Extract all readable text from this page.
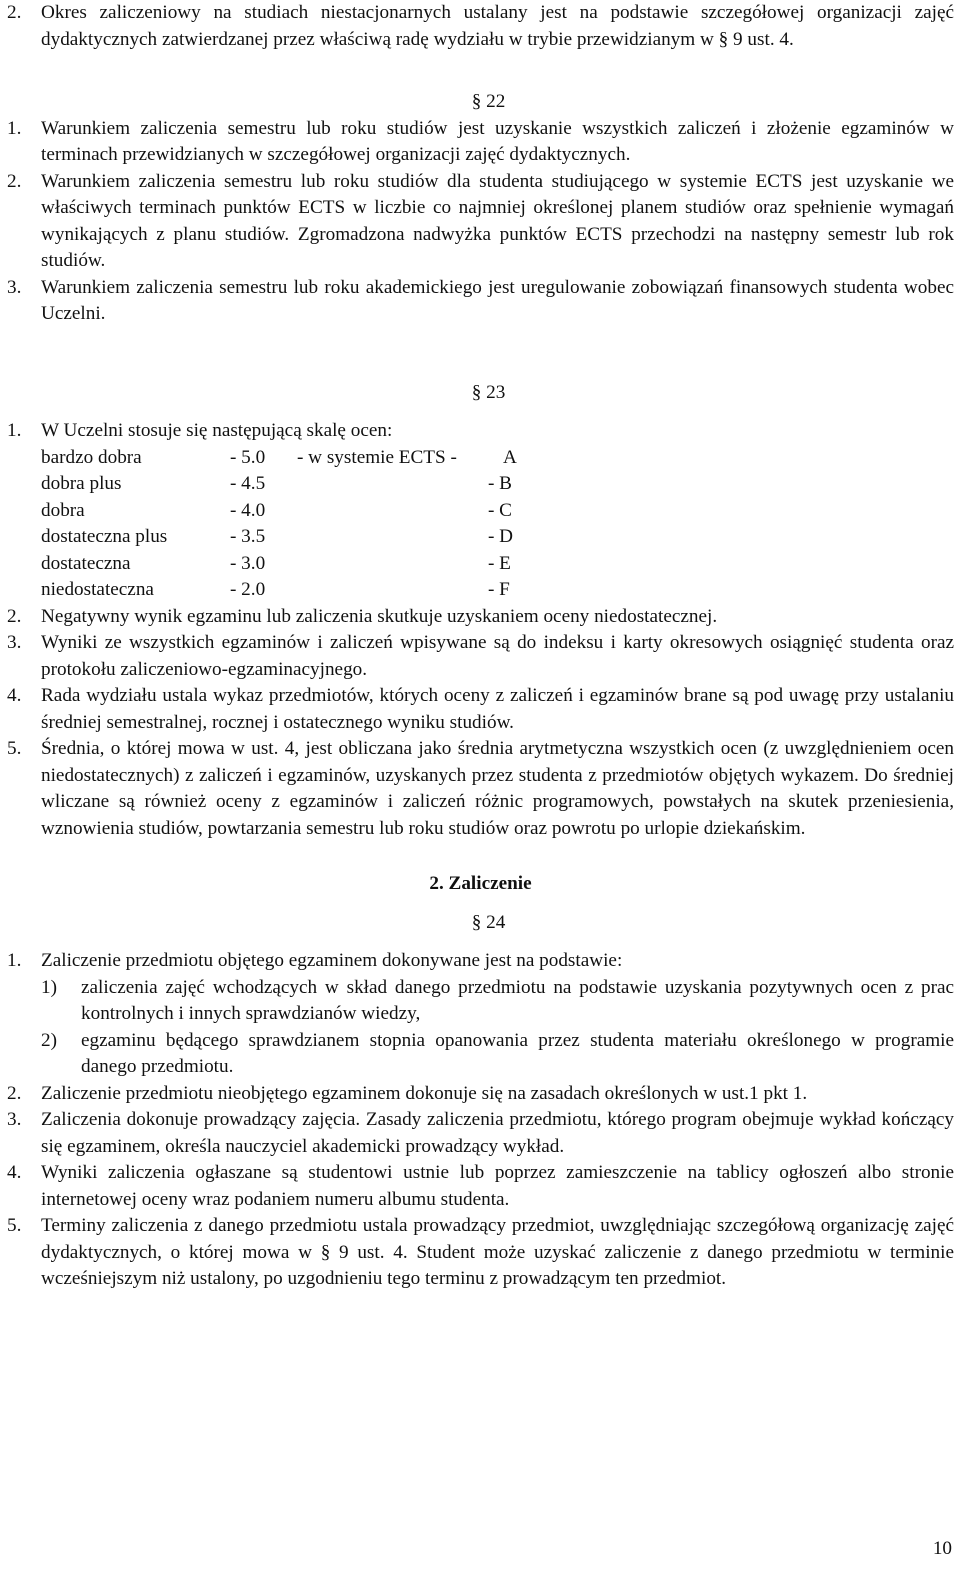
2. Okres zaliczeniowy na studiach niestacjonarnych ustalany jest na podstawie szczegółowej organizacji zajęć dydaktycznych zatwierdzanej przez właściwą radę wydziału w trybie przewidzianym w § 9 ust. 4.
§ 22
1. Warunkiem zaliczenia semestru lub roku studiów jest uzyskanie wszystkich zaliczeń i złożenie egzaminów w terminach przewidzianych w szczegółowej organizacji zajęć dydaktycznych.
2. Warunkiem zaliczenia semestru lub roku studiów dla studenta studiującego w systemie ECTS jest uzyskanie we właściwych terminach punktów ECTS w liczbie co najmniej określonej planem studiów oraz spełnienie wymagań wynikających z planu studiów. Zgromadzona nadwyżka punktów ECTS przechodzi na następny semestr lub rok studiów.
3. Warunkiem zaliczenia semestru lub roku akademickiego jest uregulowanie zobowiązań finansowych studenta wobec Uczelni.
§ 23
1. W Uczelni stosuje się następującą skalę ocen:
bardzo dobra	- 5.0 - w systemie ECTS - A
dobra plus	- 4.5	- B
dobra	- 4.0	- C
dostateczna plus	- 3.5	- D
dostateczna	- 3.0	- E
niedostateczna	- 2.0	- F
2. Negatywny wynik egzaminu lub zaliczenia skutkuje uzyskaniem oceny niedostatecznej.
3. Wyniki ze wszystkich egzaminów i zaliczeń wpisywane są do indeksu i karty okresowych osiągnięć studenta oraz protokołu zaliczeniowo-egzaminacyjnego.
4. Rada wydziału ustala wykaz przedmiotów, których oceny z zaliczeń i egzaminów brane są pod uwagę przy ustalaniu średniej semestralnej, rocznej i ostatecznego wyniku studiów.
5. Średnia, o której mowa w ust. 4, jest obliczana jako średnia arytmetyczna wszystkich ocen (z uwzględnieniem ocen niedostatecznych) z zaliczeń i egzaminów, uzyskanych przez studenta z przedmiotów objętych wykazem. Do średniej wliczane są również oceny z egzaminów i zaliczeń różnic programowych, powstałych na skutek przeniesienia, wznowienia studiów, powtarzania semestru lub roku studiów oraz powrotu po urlopie dziekańskim.
2. Zaliczenie
§ 24
1. Zaliczenie przedmiotu objętego egzaminem dokonywane jest na podstawie:
1) zaliczenia zajęć wchodzących w skład danego przedmiotu na podstawie uzyskania pozytywnych ocen z prac kontrolnych i innych sprawdzianów wiedzy,
2) egzaminu będącego sprawdzianem stopnia opanowania przez studenta materiału określonego w programie danego przedmiotu.
2. Zaliczenie przedmiotu nieobjętego egzaminem dokonuje się na zasadach określonych w ust.1 pkt 1.
3. Zaliczenia dokonuje prowadzący zajęcia. Zasady zaliczenia przedmiotu, którego program obejmuje wykład kończący się egzaminem, określa nauczyciel akademicki prowadzący wykład.
4. Wyniki zaliczenia ogłaszane są studentowi ustnie lub poprzez zamieszczenie na tablicy ogłoszeń albo stronie internetowej oceny wraz podaniem numeru albumu studenta.
5. Terminy zaliczenia z danego przedmiotu ustala prowadzący przedmiot, uwzględniając szczegółową organizację zajęć dydaktycznych, o której mowa w § 9 ust. 4. Student może uzyskać zaliczenie z danego przedmiotu w terminie wcześniejszym niż ustalony, po uzgodnieniu tego terminu z prowadzącym ten przedmiot.
10
